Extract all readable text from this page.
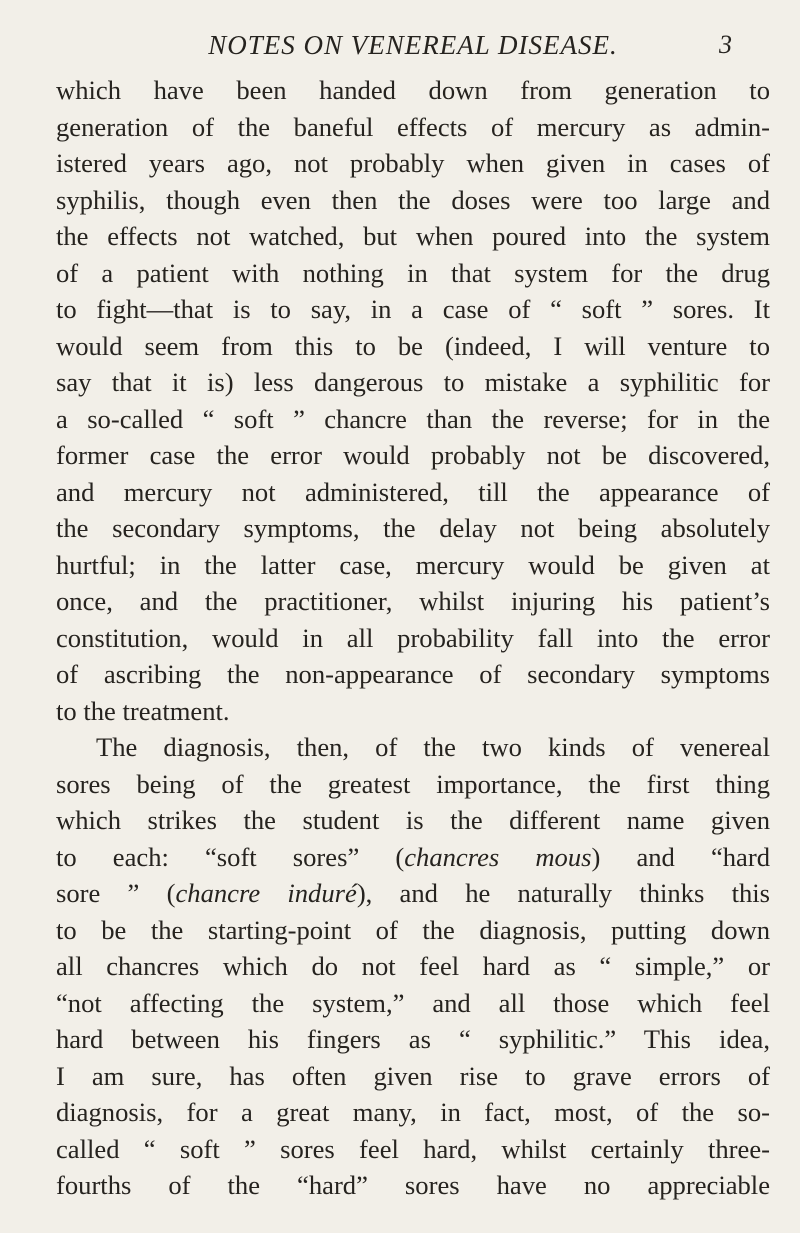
NOTES ON VENEREAL DISEASE.	3
which have been handed down from generation to
generation of the baneful effects of mercury as admin-
istered years ago, not probably when given in cases of
syphilis, though even then the doses were too large and
the effects not watched, but when poured into the system
of a patient with nothing in that system for the drug
to fight—that is to say, in a case of “ soft ” sores. It
would seem from this to be (indeed, I will venture to
say that it is) less dangerous to mistake a syphilitic for
a so-called “ soft ” chancre than the reverse; for in the
former case the error would probably not be discovered,
and mercury not administered, till the appearance of
the secondary symptoms, the delay not being absolutely
hurtful; in the latter case, mercury would be given at
once, and the practitioner, whilst injuring his patient’s
constitution, would in all probability fall into the error
of ascribing the non-appearance of secondary symptoms
to the treatment.
The diagnosis, then, of the two kinds of venereal
sores being of the greatest importance, the first thing
which strikes the student is the different name given
to each: “soft sores” (chancres mous) and “hard
sore ” (chancre induré), and he naturally thinks this
to be the starting-point of the diagnosis, putting down
all chancres which do not feel hard as “ simple,” or
“not affecting the system,” and all those which feel
hard between his fingers as “ syphilitic.” This idea,
I am sure, has often given rise to grave errors of
diagnosis, for a great many, in fact, most, of the so-
called “ soft ” sores feel hard, whilst certainly three-
fourths of the “hard” sores have no appreciable
